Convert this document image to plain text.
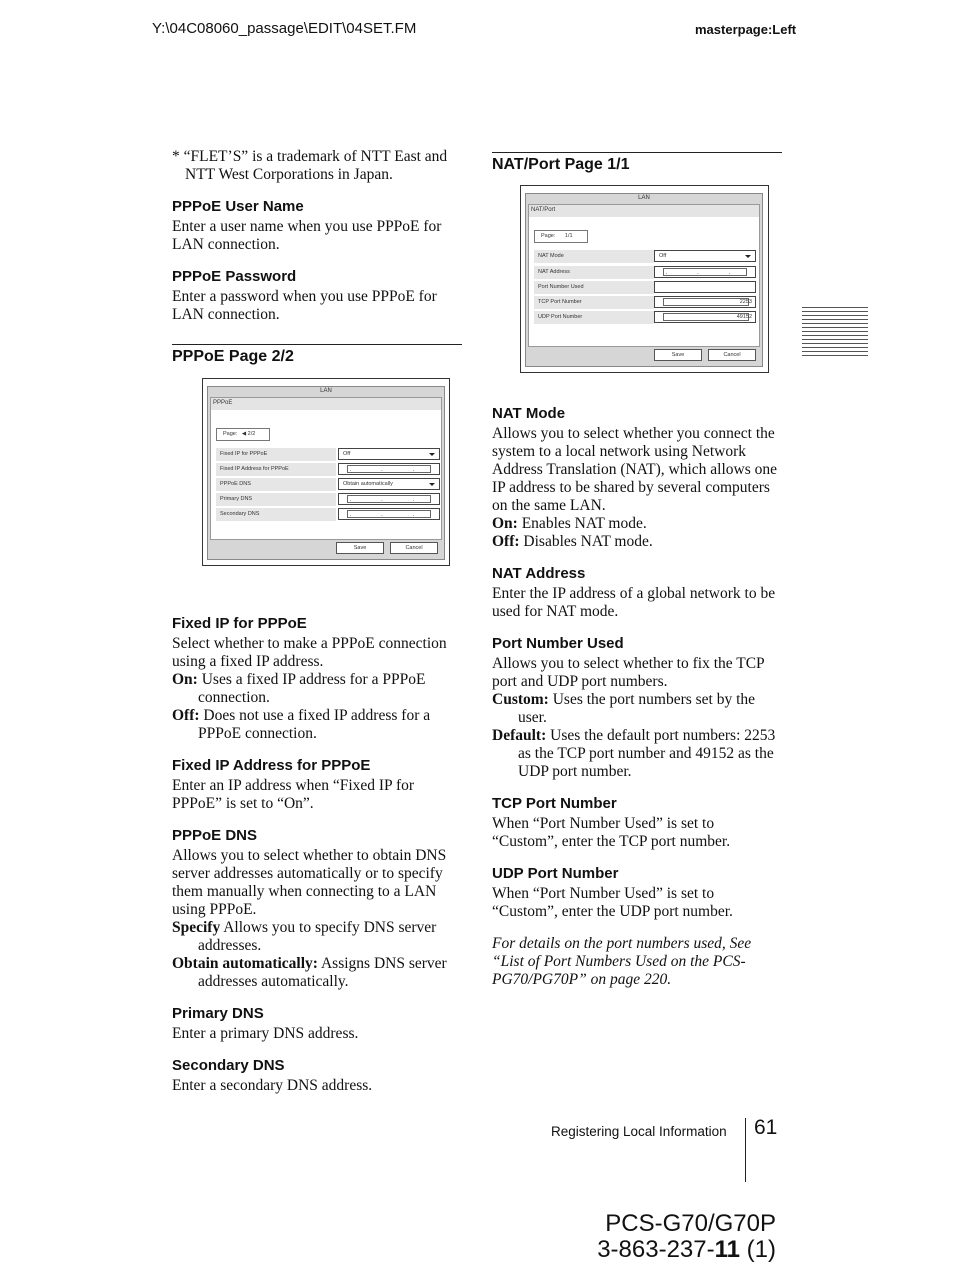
Y:\04C08060_passage\EDIT\04SET.FM	masterpage:Left

* “FLET’S” is a trademark of NTT East and NTT West Corporations in Japan.

PPPoE User Name

Enter a user name when you use PPPoE for LAN connection.

PPPoE Password

Enter a password when you use PPPoE for LAN connection.

PPPoE Page 2/2
Fixed IP for PPPoE

Select whether to make a PPPoE connection using a fixed IP address.

On: Uses a fixed IP address for a PPPoE connection.

Off: Does not use a fixed IP address for a PPPoE connection.

Fixed IP Address for PPPoE

Enter an IP address when “Fixed IP for PPPoE” is set to “On”.

PPPoE DNS

Allows you to select whether to obtain DNS server addresses automatically or to specify them manually when connecting to a LAN using PPPoE.

Specify Allows you to specify DNS server addresses.

Obtain automatically: Assigns DNS server addresses automatically.

Primary DNS

Enter a primary DNS address.

Secondary DNS

Enter a secondary DNS address.

LAN
PPPoE
Page: ◀ 2/2
Fixed IP for PPPoE	Off
Fixed IP Address for PPPoE	. . .
PPPoE DNS	Obtain automatically
Primary DNS	. . .
Secondary DNS	. . .
Save	Cancel
NAT/Port Page 1/1
NAT Mode

Allows you to select whether you connect the system to a local network using Network Address Translation (NAT), which allows one IP address to be shared by several computers on the same LAN.

On: Enables NAT mode.

Off: Disables NAT mode.

NAT Address

Enter the IP address of a global network to be used for NAT mode.

Port Number Used

Allows you to select whether to fix the TCP port and UDP port numbers.

Custom: Uses the port numbers set by the user.

Default: Uses the default port numbers: 2253 as the TCP port number and 49152 as the UDP port number.

TCP Port Number

When “Port Number Used” is set to “Custom”, enter the TCP port number.

UDP Port Number

When “Port Number Used” is set to “Custom”, enter the UDP port number.

For details on the port numbers used, See “List of Port Numbers Used on the PCS-PG70/PG70P” on page 220.

LAN
NAT/Port
Page: 1/1
NAT Mode	Off
NAT Address	. . .
Port Number Used
TCP Port Number	2253
UDP Port Number	49152
Save	Cancel
Registering Local Information 61
PCS-G70/G70P
3-863-237-11 (1)
